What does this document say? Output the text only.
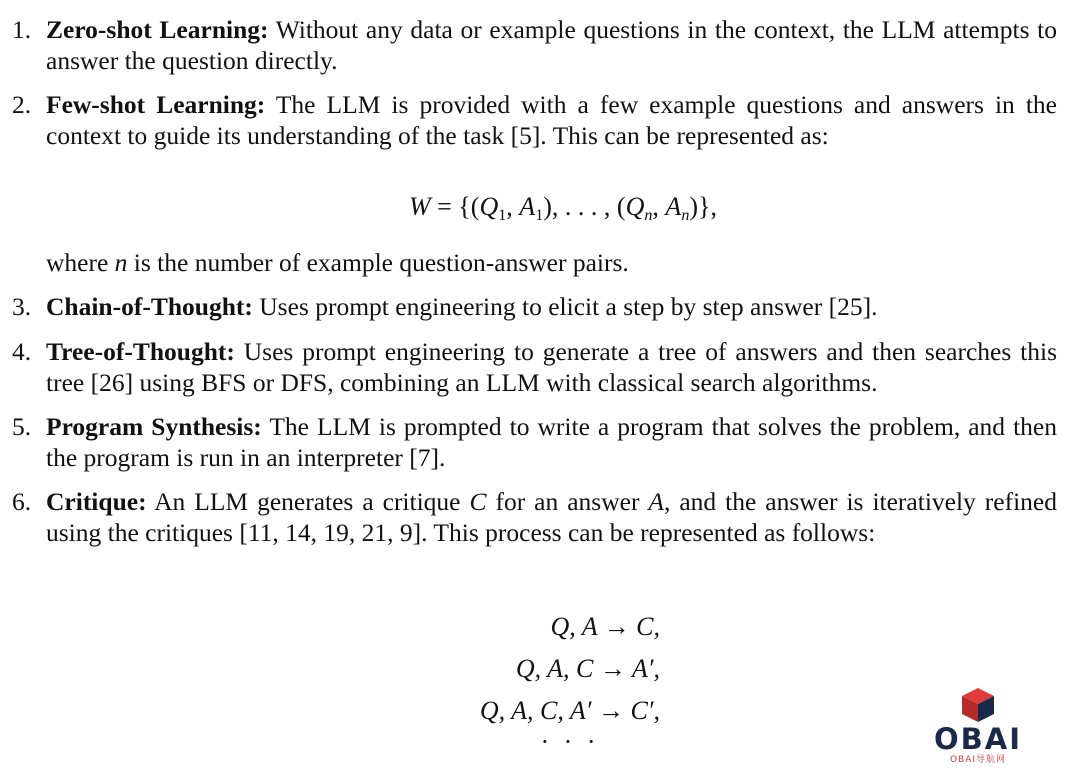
1. Zero-shot Learning: Without any data or example questions in the context, the LLM attempts to answer the question directly.
2. Few-shot Learning: The LLM is provided with a few example questions and answers in the context to guide its understanding of the task [5]. This can be represented as:
$W = \{(Q_1$, $A_1$), . . . , ($Q_n$, $A_n$)},
where n is the number of example question-answer pairs.
3. Chain-of-Thought: Uses prompt engineering to elicit a step by step answer [25].
4. Tree-of-Thought: Uses prompt engineering to generate a tree of answers and then searches this tree [26] using BFS or DFS, combining an LLM with classical search algorithms.
5. Program Synthesis: The LLM is prompted to write a program that solves the problem, and then the program is run in an interpreter [7].
6. Critique: An LLM generates a critique C for an answer A, and the answer is iteratively refined using the critiques [11, 14, 19, 21, 9]. This process can be represented as follows:
Q, A → C,
Q, A, C → A′,
Q, A, C, A′ → C′,
· · ·	OBAI
OBAI导航网
